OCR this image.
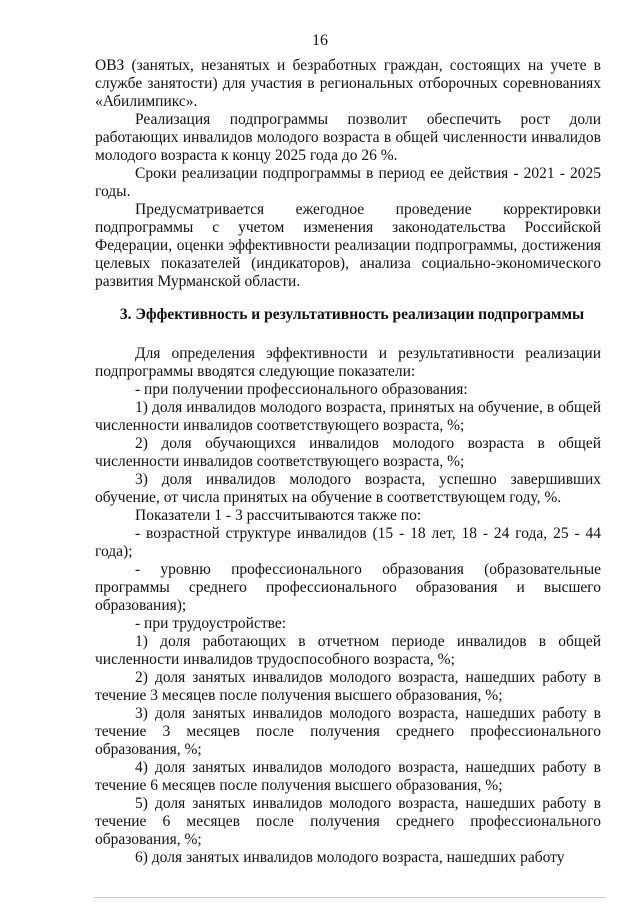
16

ОВЗ (занятых, незанятых и безработных граждан, состоящих на учете в службе занятости) для участия в региональных отборочных соревнованиях «Абилимпикс».

Реализация подпрограммы позволит обеспечить рост доли работающих инвалидов молодого возраста в общей численности инвалидов молодого возраста к концу 2025 года до 26 %.

Сроки реализации подпрограммы в период ее действия - 2021 - 2025 годы.

Предусматривается ежегодное проведение корректировки подпрограммы с учетом изменения законодательства Российской Федерации, оценки эффективности реализации подпрограммы, достижения целевых показателей (индикаторов), анализа социально-экономического развития Мурманской области.

3. Эффективность и результативность реализации подпрограммы

Для определения эффективности и результативности реализации подпрограммы вводятся следующие показатели:

- при получении профессионального образования:

1) доля инвалидов молодого возраста, принятых на обучение, в общей численности инвалидов соответствующего возраста, %;

2) доля обучающихся инвалидов молодого возраста в общей численности инвалидов соответствующего возраста, %;

3) доля инвалидов молодого возраста, успешно завершивших обучение, от числа принятых на обучение в соответствующем году, %.

Показатели 1 - 3 рассчитываются также по:

- возрастной структуре инвалидов (15 - 18 лет, 18 - 24 года, 25 - 44 года);

- уровню профессионального образования (образовательные программы среднего профессионального образования и высшего образования);

- при трудоустройстве:

1) доля работающих в отчетном периоде инвалидов в общей численности инвалидов трудоспособного возраста, %;

2) доля занятых инвалидов молодого возраста, нашедших работу в течение 3 месяцев после получения высшего образования, %;

3) доля занятых инвалидов молодого возраста, нашедших работу в течение 3 месяцев после получения среднего профессионального образования, %;

4) доля занятых инвалидов молодого возраста, нашедших работу в течение 6 месяцев после получения высшего образования, %;

5) доля занятых инвалидов молодого возраста, нашедших работу в течение 6 месяцев после получения среднего профессионального образования, %;

6) доля занятых инвалидов молодого возраста, нашедших работу
